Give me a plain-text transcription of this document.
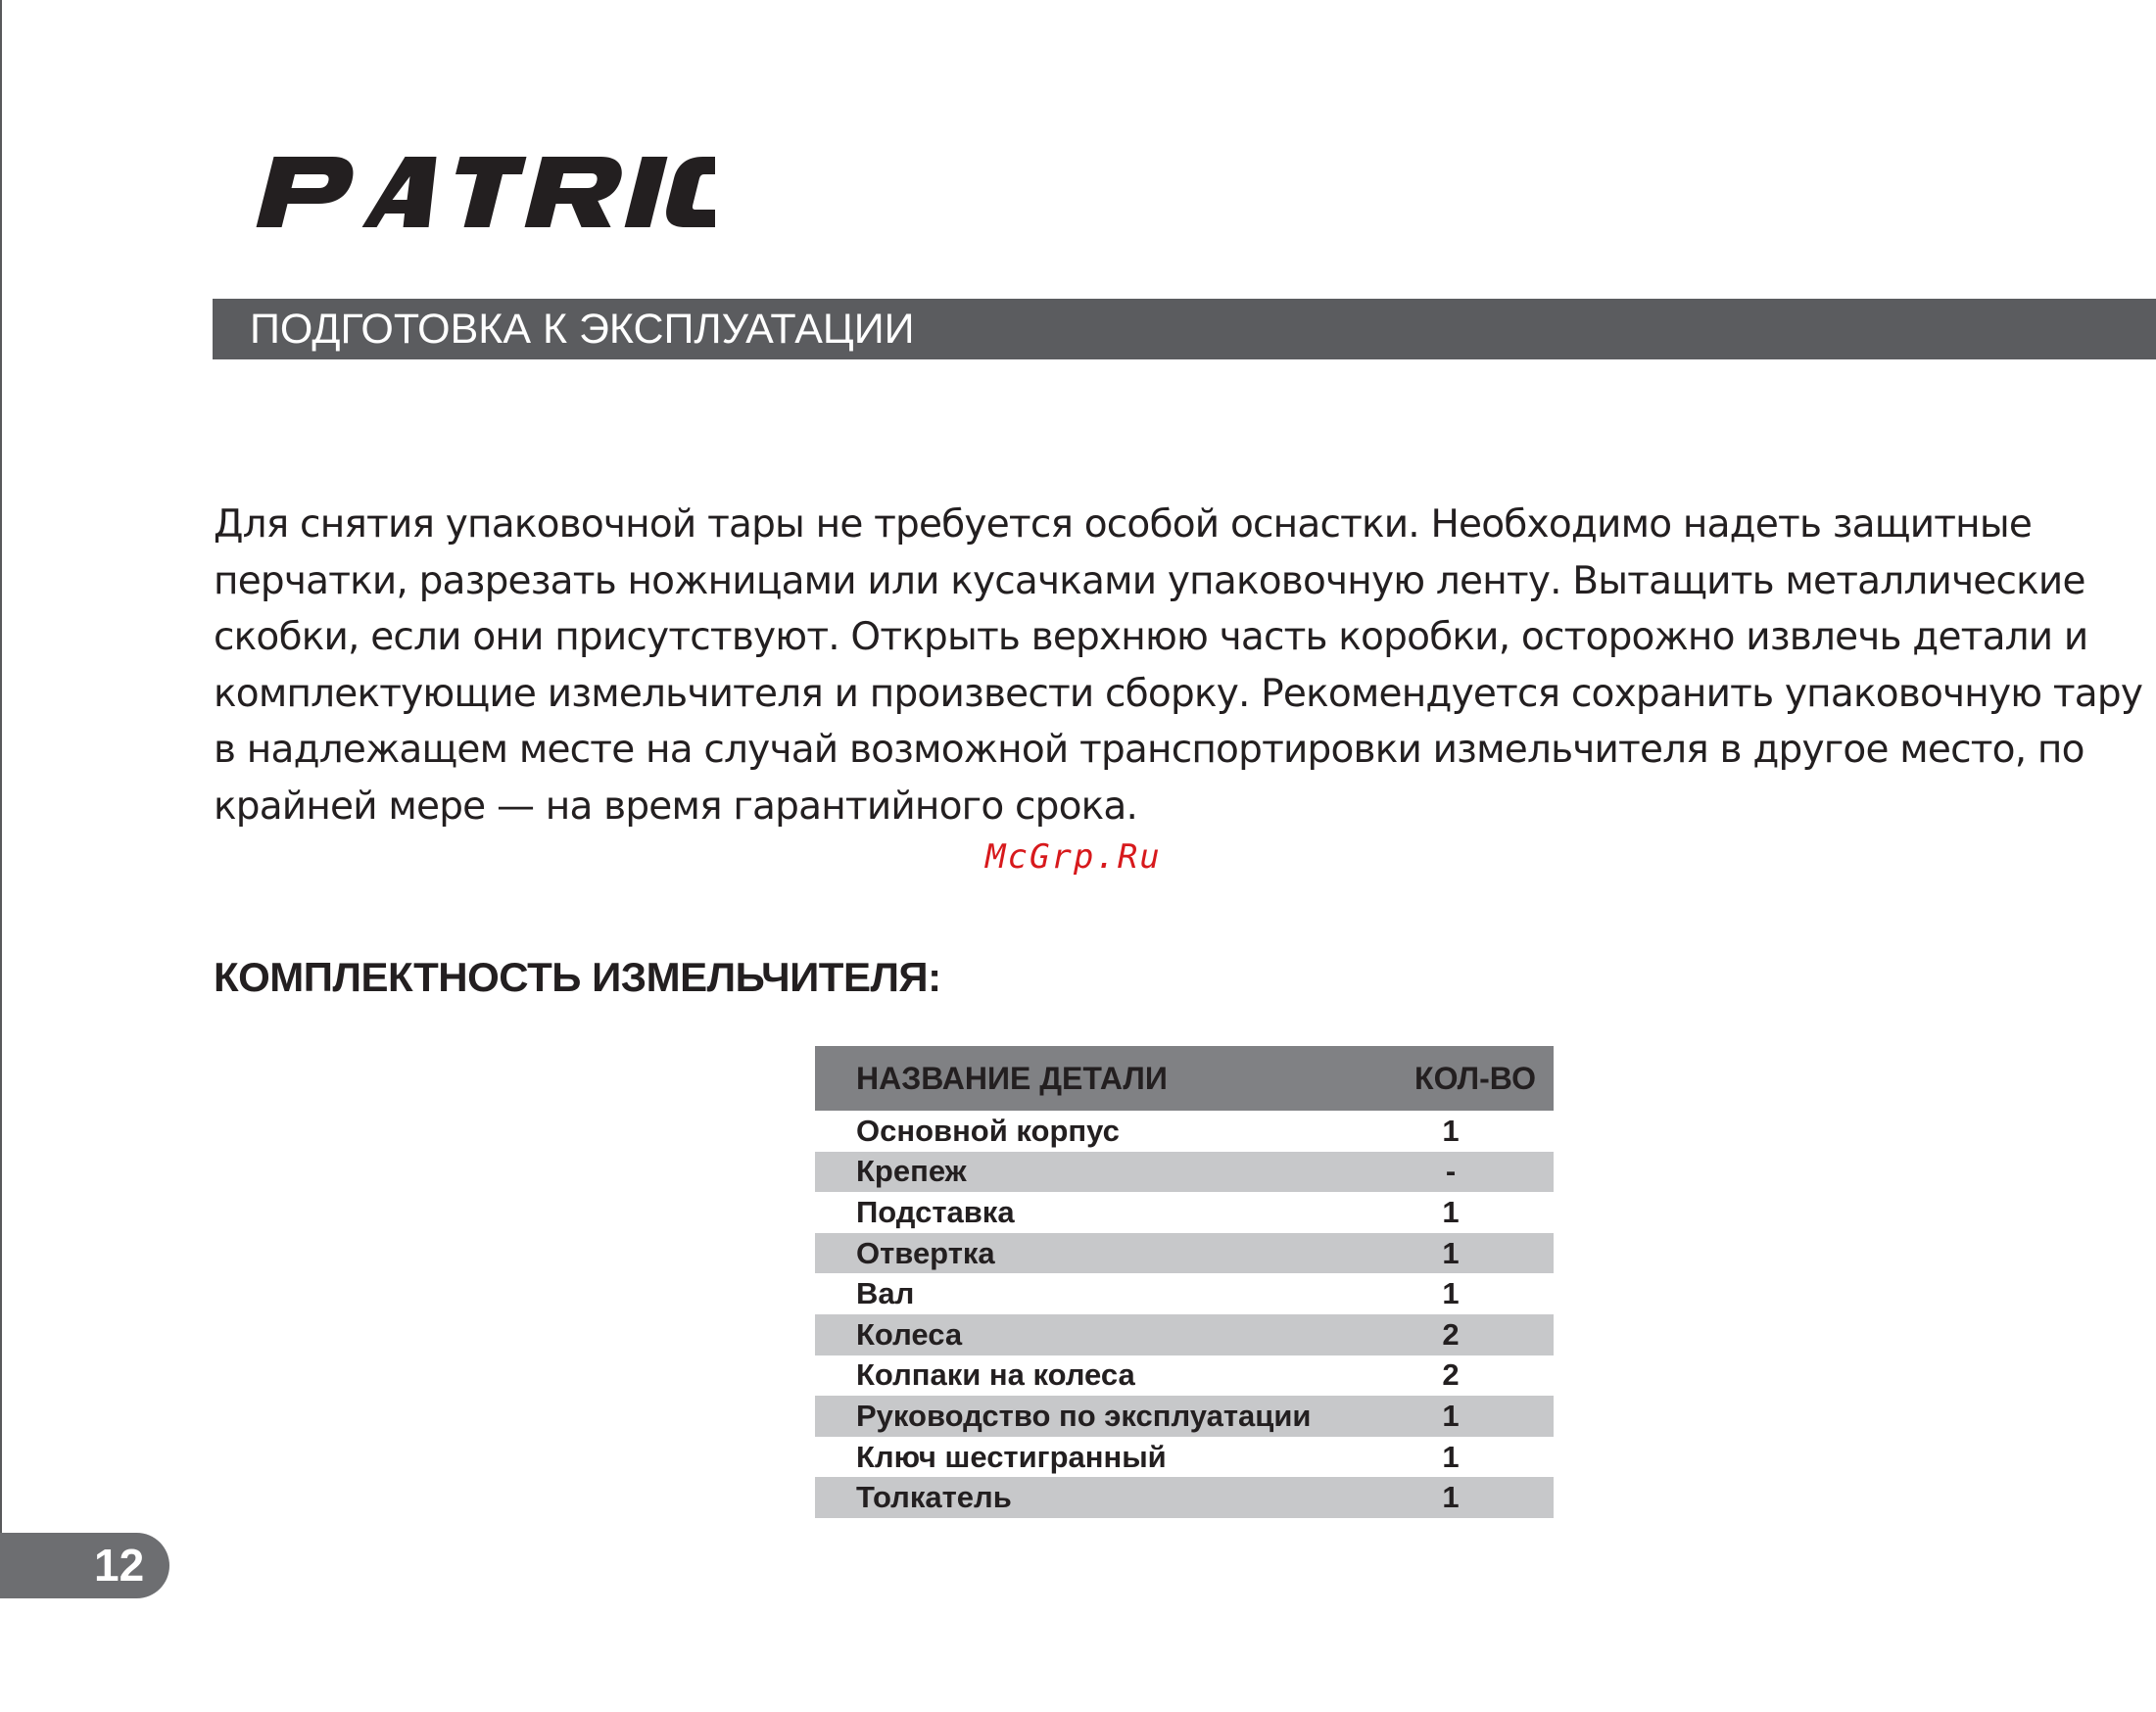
ПОДГОТОВКА К ЭКСПЛУАТАЦИИ

Для снятия упаковочной тары не требуется особой оснастки. Необходимо надеть защитные перчатки, разрезать ножницами или кусачками упаковочную ленту. Вытащить металлические скобки, если они присутствуют. Открыть верхнюю часть коробки, осторожно извлечь детали и комплектующие измельчителя и произвести сборку. Рекомендуется сохранить упаковочную тару в надлежащем месте на случай возможной транспортировки измельчителя в другое место, по крайней мере — на время гарантийного срока.

McGrp.Ru
КОМПЛЕКТНОСТЬ ИЗМЕЛЬЧИТЕЛЯ:
НАЗВАНИЕ ДЕТАЛИ	КОЛ-ВО
Основной корпус	1
Крепеж	-
Подставка	1
Отвертка	1
Вал	1
Колеса	2
Колпаки на колеса	2
Руководство по эксплуатации	1
Ключ шестигранный	1
Толкатель	1
12
